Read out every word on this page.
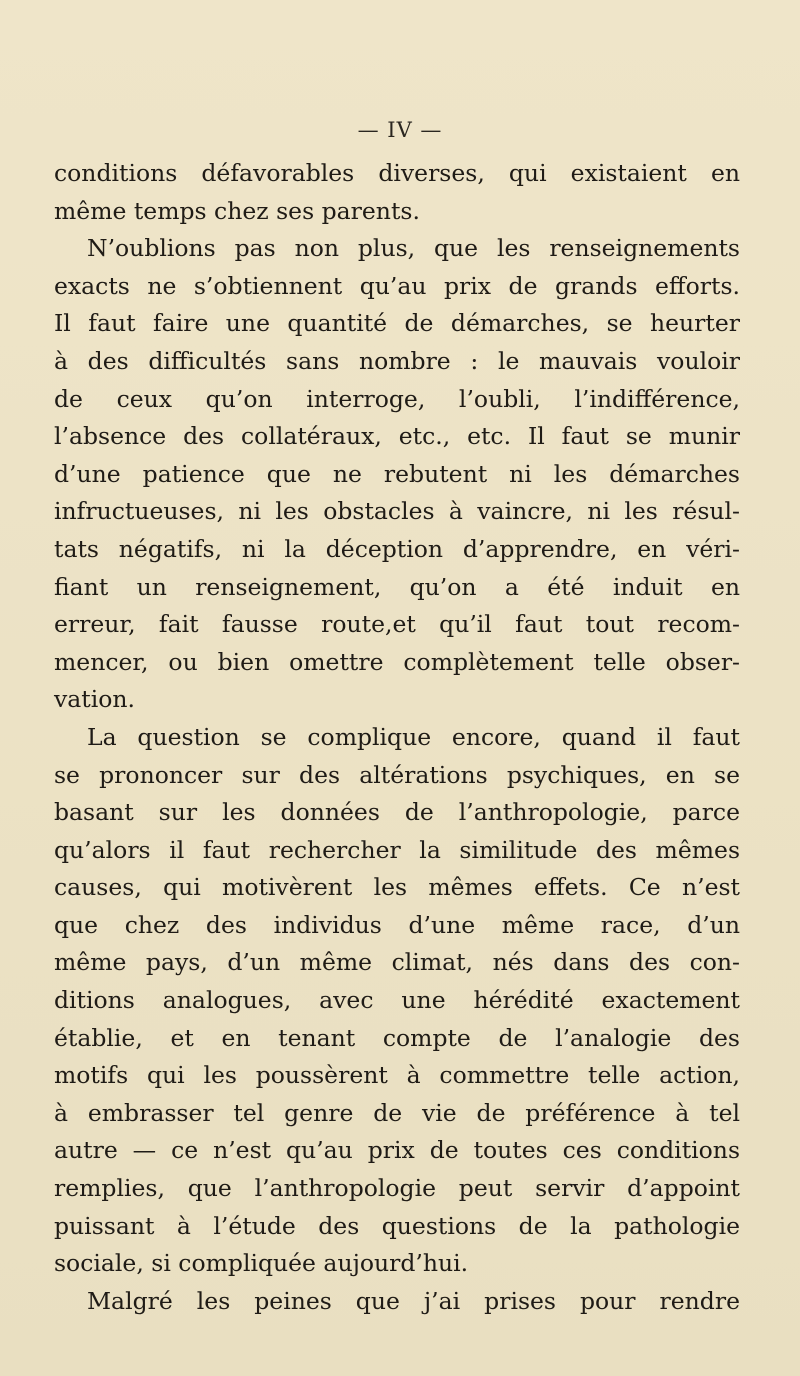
— IV —
conditions défavorables diverses, qui existaient en
même temps chez ses parents.
N’oublions pas non plus, que les renseignements
exacts ne s’obtiennent qu’au prix de grands efforts.
Il faut faire une quantité de démarches, se heurter
à des difficultés sans nombre : le mauvais vouloir
de ceux qu’on interroge, l’oubli, l’indifférence,
l’absence des collatéraux, etc., etc. Il faut se munir
d’une patience que ne rebutent ni les démarches
infructueuses, ni les obstacles à vaincre, ni les résul-
tats négatifs, ni la déception d’apprendre, en véri-
fiant un renseignement, qu’on a été induit en
erreur, fait fausse route,et qu’il faut tout recom-
mencer, ou bien omettre complètement telle obser-
vation.
La question se complique encore, quand il faut
se prononcer sur des altérations psychiques, en se
basant sur les données de l’anthropologie, parce
qu’alors il faut rechercher la similitude des mêmes
causes, qui motivèrent les mêmes effets. Ce n’est
que chez des individus d’une même race, d’un
même pays, d’un même climat, nés dans des con-
ditions analogues, avec une hérédité exactement
établie, et en tenant compte de l’analogie des
motifs qui les poussèrent à commettre telle action,
à embrasser tel genre de vie de préférence à tel
autre — ce n’est qu’au prix de toutes ces conditions
remplies, que l’anthropologie peut servir d’appoint
puissant à l’étude des questions de la pathologie
sociale, si compliquée aujourd’hui.
Malgré les peines que j’ai prises pour rendre
